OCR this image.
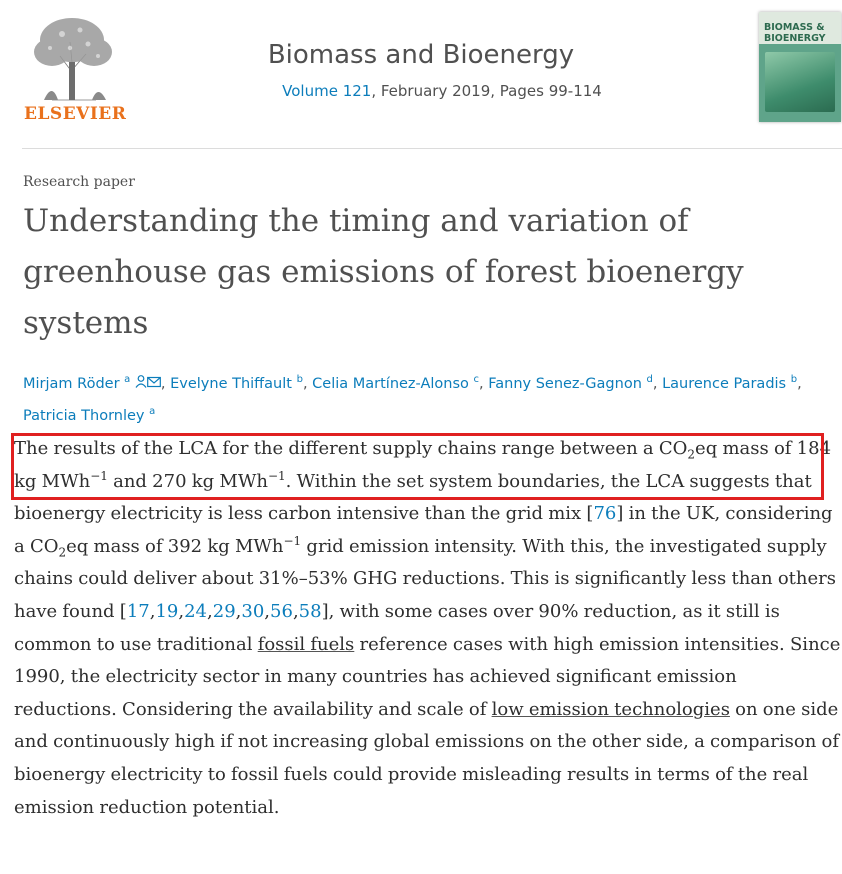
ELSEVIER
Biomass and Bioenergy
Volume 121, February 2019, Pages 99-114
BIOMASS & BIOENERGY
Research paper
Understanding the timing and variation of greenhouse gas emissions of forest bioenergy systems
Mirjam Röder $^a$ , Evelyne Thiffault $^b$, Celia Martínez-Alonso $^c$, Fanny Senez-Gagnon $^d$, Laurence Paradis $^b$,
Patricia Thornley $^a$

The results of the LCA for the different supply chains range between a $CO_2eq$ mass of 184 kg MWh$^{-1}$ and 270 kg MWh$^{-1}$. Within the set system boundaries, the LCA suggests that bioenergy electricity is less carbon intensive than the grid mix [76] in the UK, considering a $CO_2eq$ mass of 392 kg MWh$^{-1}$ grid emission intensity. With this, the investigated supply chains could deliver about 31%–53% GHG reductions. This is significantly less than others have found [17,19,24,29,30,56,58], with some cases over 90% reduction, as it still is common to use traditional fossil fuels reference cases with high emission intensities. Since 1990, the electricity sector in many countries has achieved significant emission reductions. Considering the availability and scale of low emission technologies on one side and continuously high if not increasing global emissions on the other side, a comparison of bioenergy electricity to fossil fuels could provide misleading results in terms of the real emission reduction potential.
